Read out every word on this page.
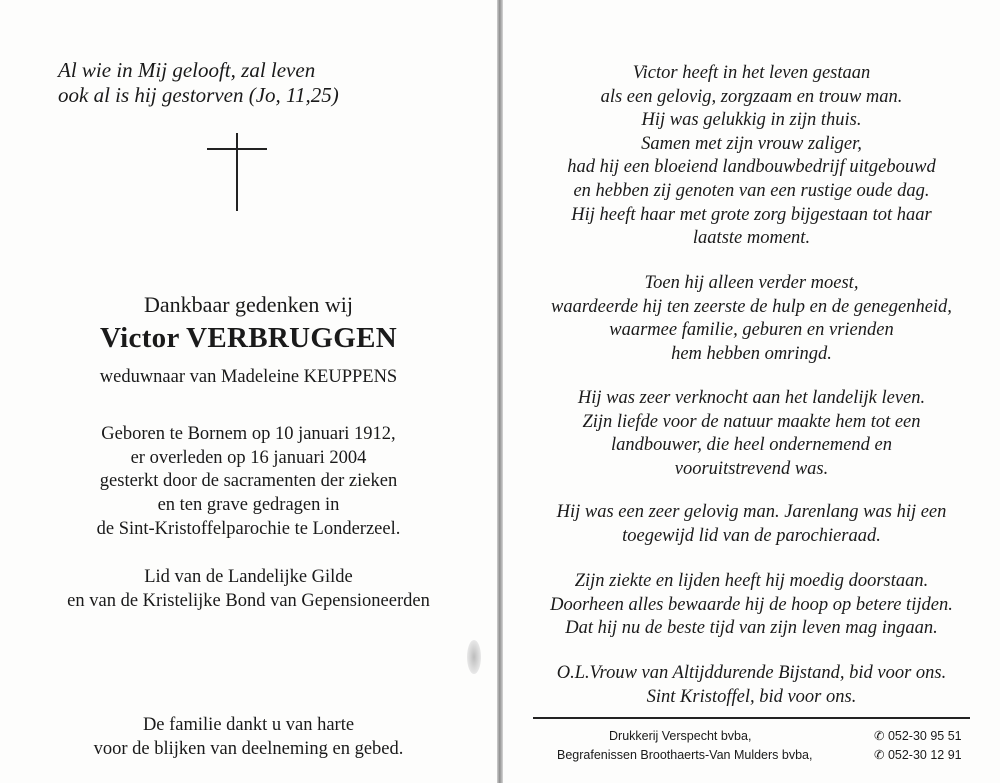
Al wie in Mij gelooft, zal leven
ook al is hij gestorven (Jo, 11,25)
Dankbaar gedenken wij
Victor VERBRUGGEN
weduwnaar van Madeleine KEUPPENS
Geboren te Bornem op 10 januari 1912,
er overleden op 16 januari 2004
gesterkt door de sacramenten der zieken
en ten grave gedragen in
de Sint-Kristoffelparochie te Londerzeel.
Lid van de Landelijke Gilde
en van de Kristelijke Bond van Gepensioneerden
De familie dankt u van harte
voor de blijken van deelneming en gebed.
Victor heeft in het leven gestaan
als een gelovig, zorgzaam en trouw man.
Hij was gelukkig in zijn thuis.
Samen met zijn vrouw zaliger,
had hij een bloeiend landbouwbedrijf uitgebouwd
en hebben zij genoten van een rustige oude dag.
Hij heeft haar met grote zorg bijgestaan tot haar
laatste moment.
Toen hij alleen verder moest,
waardeerde hij ten zeerste de hulp en de genegenheid,
waarmee familie, geburen en vrienden
hem hebben omringd.
Hij was zeer verknocht aan het landelijk leven.
Zijn liefde voor de natuur maakte hem tot een
landbouwer, die heel ondernemend en
vooruitstrevend was.
Hij was een zeer gelovig man. Jarenlang was hij een
toegewijd lid van de parochieraad.
Zijn ziekte en lijden heeft hij moedig doorstaan.
Doorheen alles bewaarde hij de hoop op betere tijden.
Dat hij nu de beste tijd van zijn leven mag ingaan.
O.L.Vrouw van Altijddurende Bijstand, bid voor ons.
Sint Kristoffel, bid voor ons.
Drukkerij Verspecht bvba,	✆ 052-30 95 51
Begrafenissen Broothaerts-Van Mulders bvba,	✆ 052-30 12 91
